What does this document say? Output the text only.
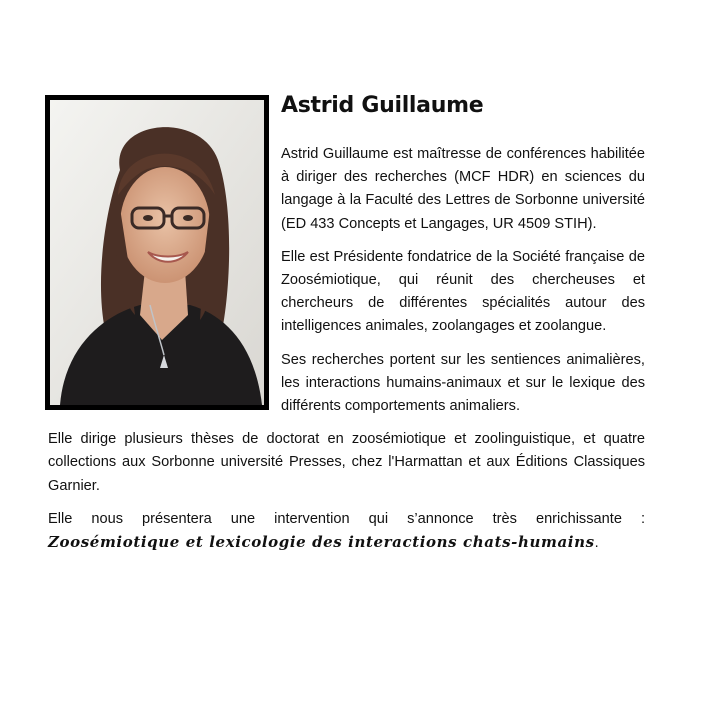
Astrid Guillaume

Astrid Guillaume est maîtresse de conférences habilitée à diriger des recherches (MCF HDR) en sciences du langage à la Faculté des Lettres de Sorbonne université (ED 433 Concepts et Langages, UR 4509 STIH).

Elle est Présidente fondatrice de la Société française de Zoosémiotique, qui réunit des chercheuses et chercheurs de différentes spécialités autour des intelligences animales, zoolangages et zoolangue.

Ses recherches portent sur les sentiences animalières, les interactions humains-animaux et sur le lexique des différents comportements animaliers.

Elle dirige plusieurs thèses de doctorat en zoosémiotique et zoolinguistique, et quatre collections aux Sorbonne université Presses, chez l'Harmattan et aux Éditions Classiques Garnier.

Elle nous présentera une intervention qui s’annonce très enrichissante : Zoosémiotique et lexicologie des interactions chats-humains.
